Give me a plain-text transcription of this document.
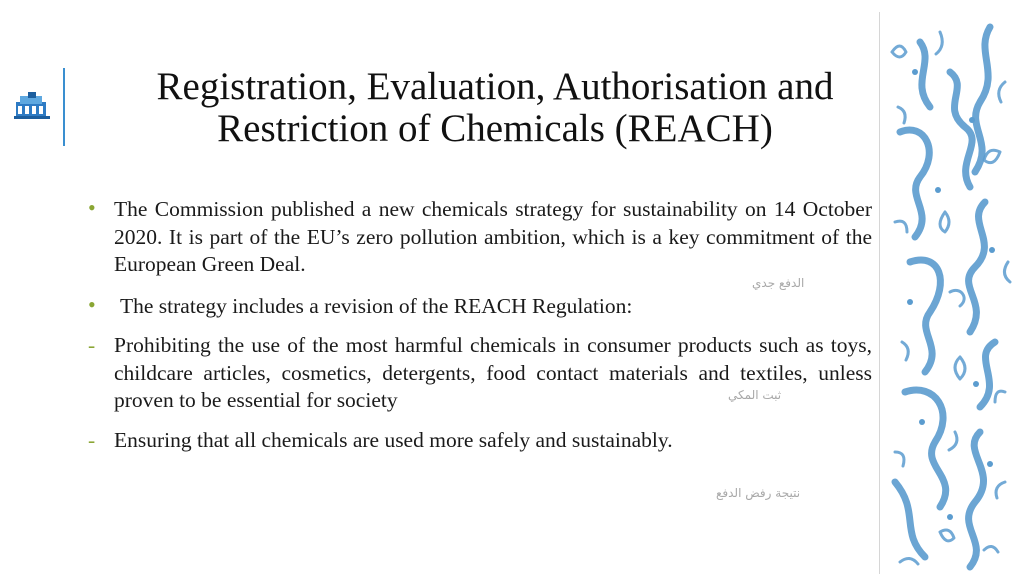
Registration, Evaluation, Authorisation and
Restriction of Chemicals (REACH)
• The Commission published a new chemicals strategy for sustainability on 14 October 2020. It is part of the EU’s zero pollution ambition, which is a key commitment of the European Green Deal.
• The strategy includes a revision of the REACH Regulation:
- Prohibiting the use of the most harmful chemicals in consumer products such as toys, childcare articles, cosmetics, detergents, food contact materials and textiles, unless proven to be essential for society
- Ensuring that all chemicals are used more safely and sustainably.
الدفع جدي
ثبت المكي
نتيجة رفض الدفع
